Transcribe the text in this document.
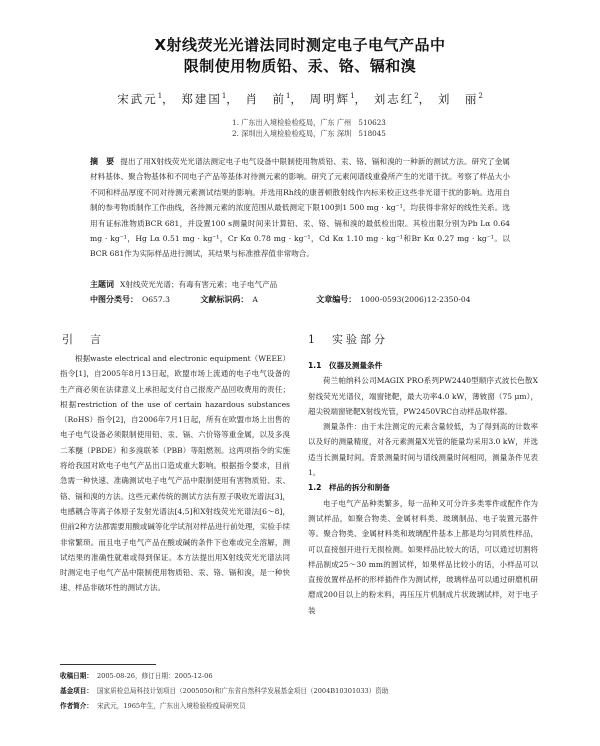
X射线荧光光谱法同时测定电子电气产品中
限制使用物质铅、汞、铬、镉和溴
宋武元$^1$， 郑建国$^1$， 肖　前$^1$， 周明辉$^1$， 刘志红$^2$， 刘　丽$^2$
1. 广东出入境检验检疫局，广东 广州　510623
2. 深圳出入境检验检疫局，广东 深圳　518045
摘　要 提出了用X射线荧光光谱法测定电子电气设备中限制使用物质铅、汞、铬、镉和溴的一种新的测试方法。研究了金属材料基体、聚合物基体和不同电子产品等基体对待测元素的影响。研究了元素间谱线重叠所产生的光谱干扰。考察了样品大小不同和样品厚度不同对待测元素测试结果的影响。并选用Rh线的康普顿散射线作内标来校正这些非光谱干扰的影响。选用自制的参考物质制作工作曲线，各待测元素的浓度范围从最低测定下限100到1 500 mg · kg⁻¹，均获得非常好的线性关系。选用有证标准物质BCR 681，并设置100 s测量时间来计算铅、汞、铬、镉和溴的最低检出限。其检出限分别为Pb Lα 0.64 mg · kg⁻¹，Hg Lα 0.51 mg · kg⁻¹，Cr Kα 0.78 mg · kg⁻¹，Cd Kα 1.10 mg · kg⁻¹和Br Kα 0.27 mg · kg⁻¹。以BCR 681作为实际样品进行测试，其结果与标准推荐值非常吻合。
主题词 X射线荧光光谱；有毒有害元素；电子电气产品
中图分类号： O657.3	文献标识码： A	文章编号： 1000-0593(2006)12-2350-04
引　言	1　实验部分

根据waste electrical and electronic equipment（WEEE）指令[1]，自2005年8月13日起，欧盟市场上流通的电子电气设备的生产商必须在法律意义上承担起支付自己报废产品回收费用的责任；根据restriction of the use of certain hazardous substances（RoHS）指令[2]，自2006年7月1日起，所有在欧盟市场上出售的电子电气设备必须限制使用铅、汞、镉、六价铬等重金属，以及多溴二苯醚（PBDE）和多溴联苯（PBB）等阻燃剂。这两项指令的实施将给我国对欧电子电气产品出口造成重大影响。根据指令要求，目前急需一种快速、准确测试电子电气产品中限制使用有害物质铅、汞、铬、镉和溴的方法。这些元素传统的测试方法有原子吸收光谱法[3]，电感耦合等离子体原子发射光谱法[4,5]和X射线荧光光谱法[6～8]，但前2种方法都需要用酸或碱等化学试剂对样品进行前处理，实验手续非常繁琐。而且电子电气产品在酸或碱的条件下也难或完全溶解，测试结果的准确性就难或得到保证。本方法提出用X射线荧光光谱法同时测定电子电气产品中限制使用物质铅、汞、铬、镉和溴，是一种快速、样品非破坏性的测试方法。

1.1　仪器及测量条件

荷兰帕纳科公司MAGIX PRO系列PW2440型顺序式波长色散X射线荧光光谱仪，端窗铑靶，最大功率4.0 kW，薄铍窗（75 μm），超尖锐端窗铑靶X射线光管，PW2450VRC自动样品取样器。

测量条件：由于未注测定的元素含量较低，为了得到高的计数率以及好的测量精度，对各元素测量X光管的能量均采用3.0 kW，并选适当长测量时间。背景测量时间与谱线测量时间相同，测量条件见表1。

1.2　样品的拆分和制备

电子电气产品种类繁多，每一品种又可分许多类零件或配件作为测试样品，如聚合物类、金属材料类、玻璃制品、电子装置元器件等。聚合物类、金属材料类和玻璃配件基本上都是均匀同质性样品，可以直接刨开进行无损检测。如果样品比较大的话，可以通过切割将样品制成25～30 mm的圆试样，如果样品比较小的话，小样品可以直接放置样品杯的形样插件作为测试样，玻璃样品可以通过研磨机研磨成200目以上的粉末料，再压压片机制成片状玻璃试样，对于电子装

收稿日期： 2005-08-26，修订日期：2005-12-06
基金项目： 国家质检总局科技计划项目（2005050)和广东省自然科学发展基金项目（2004B10301033）资助
作者简介： 宋武元，1965年生，广东出入境检验检疫局研究员
